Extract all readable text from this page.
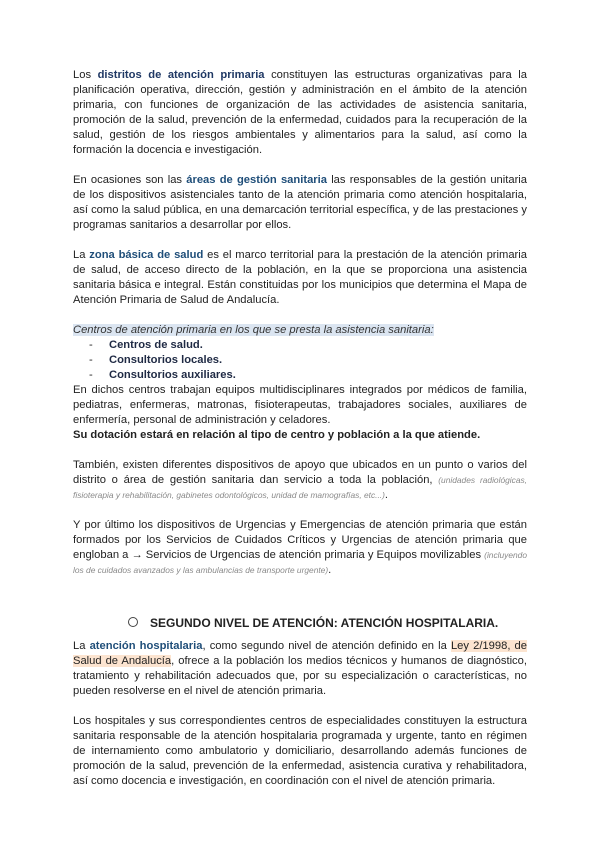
Los distritos de atención primaria constituyen las estructuras organizativas para la planificación operativa, dirección, gestión y administración en el ámbito de la atención primaria, con funciones de organización de las actividades de asistencia sanitaria, promoción de la salud, prevención de la enfermedad, cuidados para la recuperación de la salud, gestión de los riesgos ambientales y alimentarios para la salud, así como la formación la docencia e investigación.

En ocasiones son las áreas de gestión sanitaria las responsables de la gestión unitaria de los dispositivos asistenciales tanto de la atención primaria como atención hospitalaria, así como la salud pública, en una demarcación territorial específica, y de las prestaciones y programas sanitarios a desarrollar por ellos.

La zona básica de salud es el marco territorial para la prestación de la atención primaria de salud, de acceso directo de la población, en la que se proporciona una asistencia sanitaria básica e integral. Están constituidas por los municipios que determina el Mapa de Atención Primaria de Salud de Andalucía.

Centros de atención primaria en los que se presta la asistencia sanitaria:

- Centros de salud.
- Consultorios locales.
- Consultorios auxiliares.

En dichos centros trabajan equipos multidisciplinares integrados por médicos de familia, pediatras, enfermeras, matronas, fisioterapeutas, trabajadores sociales, auxiliares de enfermería, personal de administración y celadores.

Su dotación estará en relación al tipo de centro y población a la que atiende.

También, existen diferentes dispositivos de apoyo que ubicados en un punto o varios del distrito o área de gestión sanitaria dan servicio a toda la población, (unidades radiológicas, fisioterapia y rehabilitación, gabinetes odontológicos, unidad de mamografías, etc...).

Y por último los dispositivos de Urgencias y Emergencias de atención primaria que están formados por los Servicios de Cuidados Críticos y Urgencias de atención primaria que engloban a → Servicios de Urgencias de atención primaria y Equipos movilizables (incluyendo los de cuidados avanzados y las ambulancias de transporte urgente).

SEGUNDO NIVEL DE ATENCIÓN: ATENCIÓN HOSPITALARIA.

La atención hospitalaria, como segundo nivel de atención definido en la Ley 2/1998, de Salud de Andalucía, ofrece a la población los medios técnicos y humanos de diagnóstico, tratamiento y rehabilitación adecuados que, por su especialización o características, no pueden resolverse en el nivel de atención primaria.

Los hospitales y sus correspondientes centros de especialidades constituyen la estructura sanitaria responsable de la atención hospitalaria programada y urgente, tanto en régimen de internamiento como ambulatorio y domiciliario, desarrollando además funciones de promoción de la salud, prevención de la enfermedad, asistencia curativa y rehabilitadora, así como docencia e investigación, en coordinación con el nivel de atención primaria.
